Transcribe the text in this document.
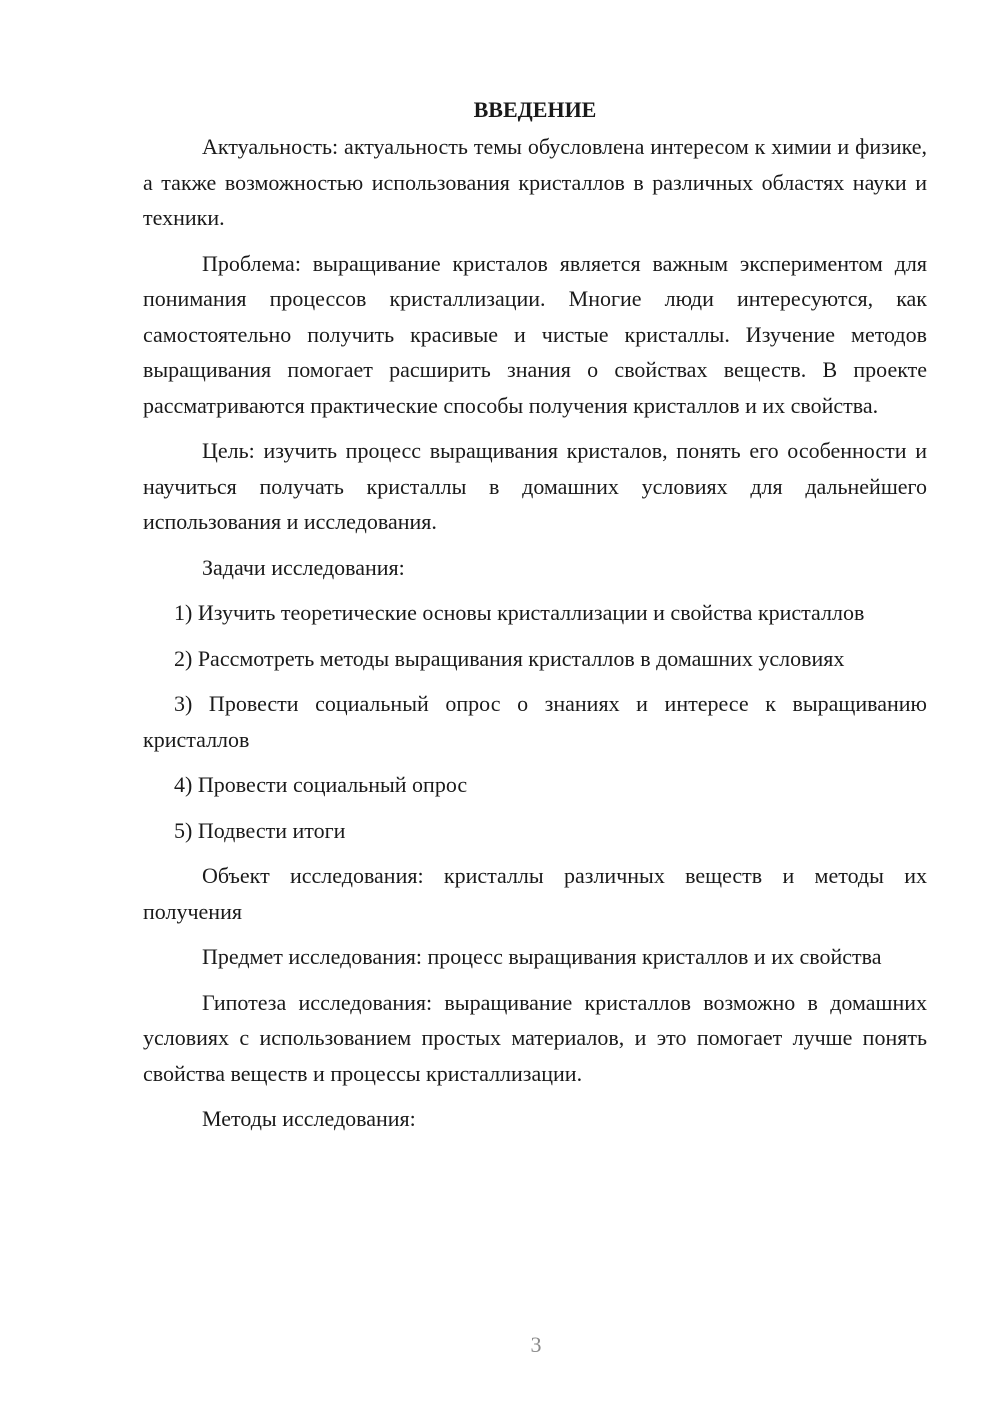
ВВЕДЕНИЕ

Актуальность: актуальность темы обусловлена интересом к химии и физике, а также возможностью использования кристаллов в различных областях науки и техники.

Проблема: выращивание кристалов является важным экспериментом для понимания процессов кристаллизации. Многие люди интересуются, как самостоятельно получить красивые и чистые кристаллы. Изучение методов выращивания помогает расширить знания о свойствах веществ. В проекте рассматриваются практические способы получения кристаллов и их свойства.

Цель: изучить процесс выращивания кристалов, понять его особенности и научиться получать кристаллы в домашних условиях для дальнейшего использования и исследования.

Задачи исследования:

1) Изучить теоретические основы кристаллизации и свойства кристаллов

2) Рассмотреть методы выращивания кристаллов в домашних условиях

3) Провести социальный опрос о знаниях и интересе к выращиванию кристаллов

4) Провести социальный опрос

5) Подвести итоги

Объект исследования: кристаллы различных веществ и методы их получения

Предмет исследования: процесс выращивания кристаллов и их свойства

Гипотеза исследования: выращивание кристаллов возможно в домашних условиях с использованием простых материалов, и это помогает лучше понять свойства веществ и процессы кристаллизации.

Методы исследования:

3
